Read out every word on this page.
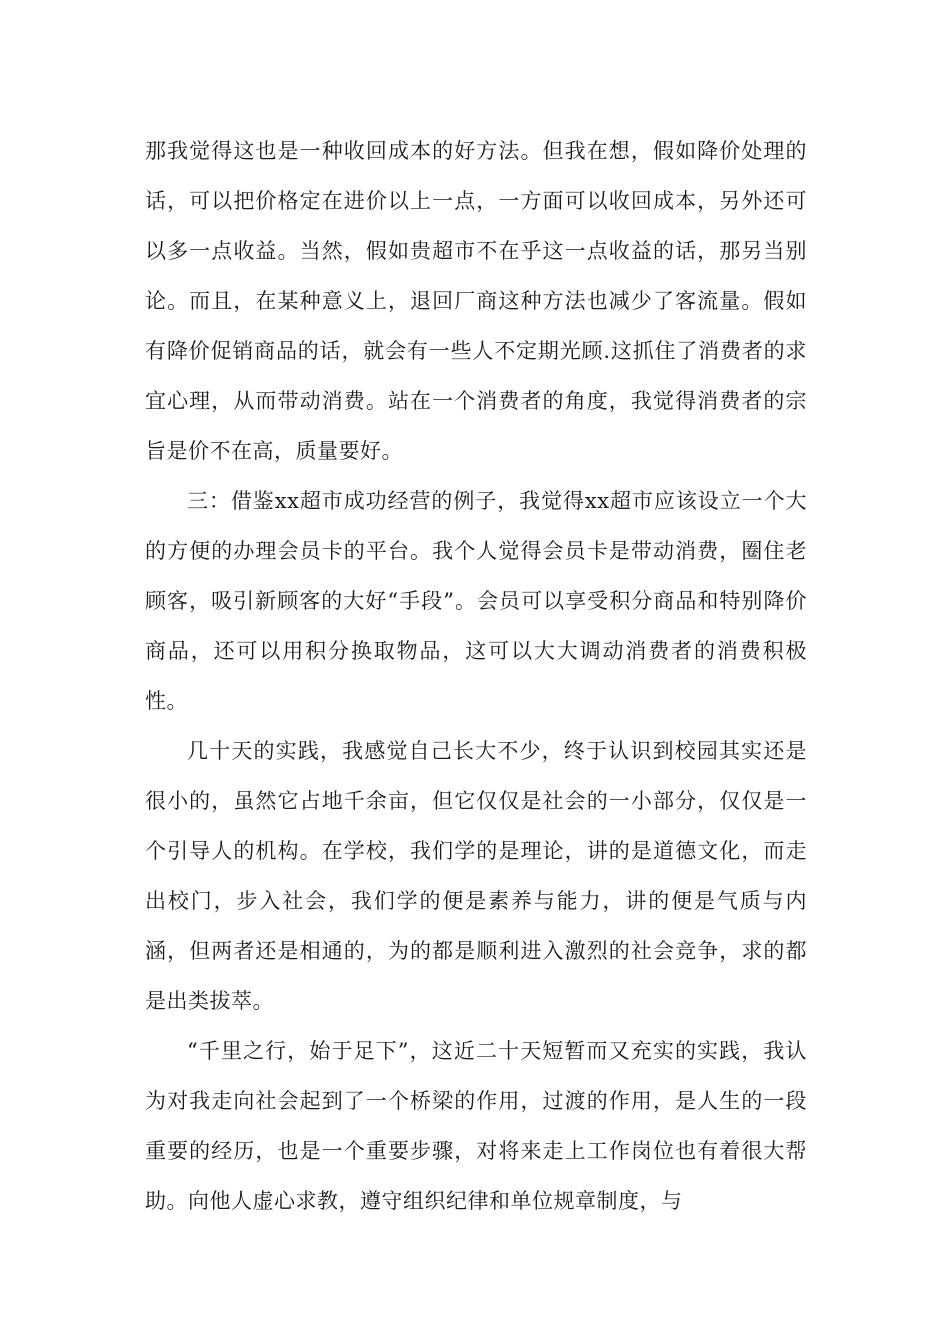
那我觉得这也是一种收回成本的好方法。但我在想，假如降价处理的话，可以把价格定在进价以上一点，一方面可以收回成本，另外还可以多一点收益。当然，假如贵超市不在乎这一点收益的话，那另当别论。而且，在某种意义上，退回厂商这种方法也减少了客流量。假如有降价促销商品的话，就会有一些人不定期光顾.这抓住了消费者的求宜心理，从而带动消费。站在一个消费者的角度，我觉得消费者的宗旨是价不在高，质量要好。

三：借鉴xx超市成功经营的例子，我觉得xx超市应该设立一个大的方便的办理会员卡的平台。我个人觉得会员卡是带动消费，圈住老顾客，吸引新顾客的大好“手段”。会员可以享受积分商品和特别降价商品，还可以用积分换取物品，这可以大大调动消费者的消费积极性。

几十天的实践，我感觉自己长大不少，终于认识到校园其实还是很小的，虽然它占地千余亩，但它仅仅是社会的一小部分，仅仅是一个引导人的机构。在学校，我们学的是理论，讲的是道德文化，而走出校门，步入社会，我们学的便是素养与能力，讲的便是气质与内涵，但两者还是相通的，为的都是顺利进入激烈的社会竞争，求的都是出类拔萃。

“千里之行，始于足下”，这近二十天短暂而又充实的实践，我认为对我走向社会起到了一个桥梁的作用，过渡的作用，是人生的一段重要的经历，也是一个重要步骤，对将来走上工作岗位也有着很大帮助。向他人虚心求教，遵守组织纪律和单位规章制度，与
